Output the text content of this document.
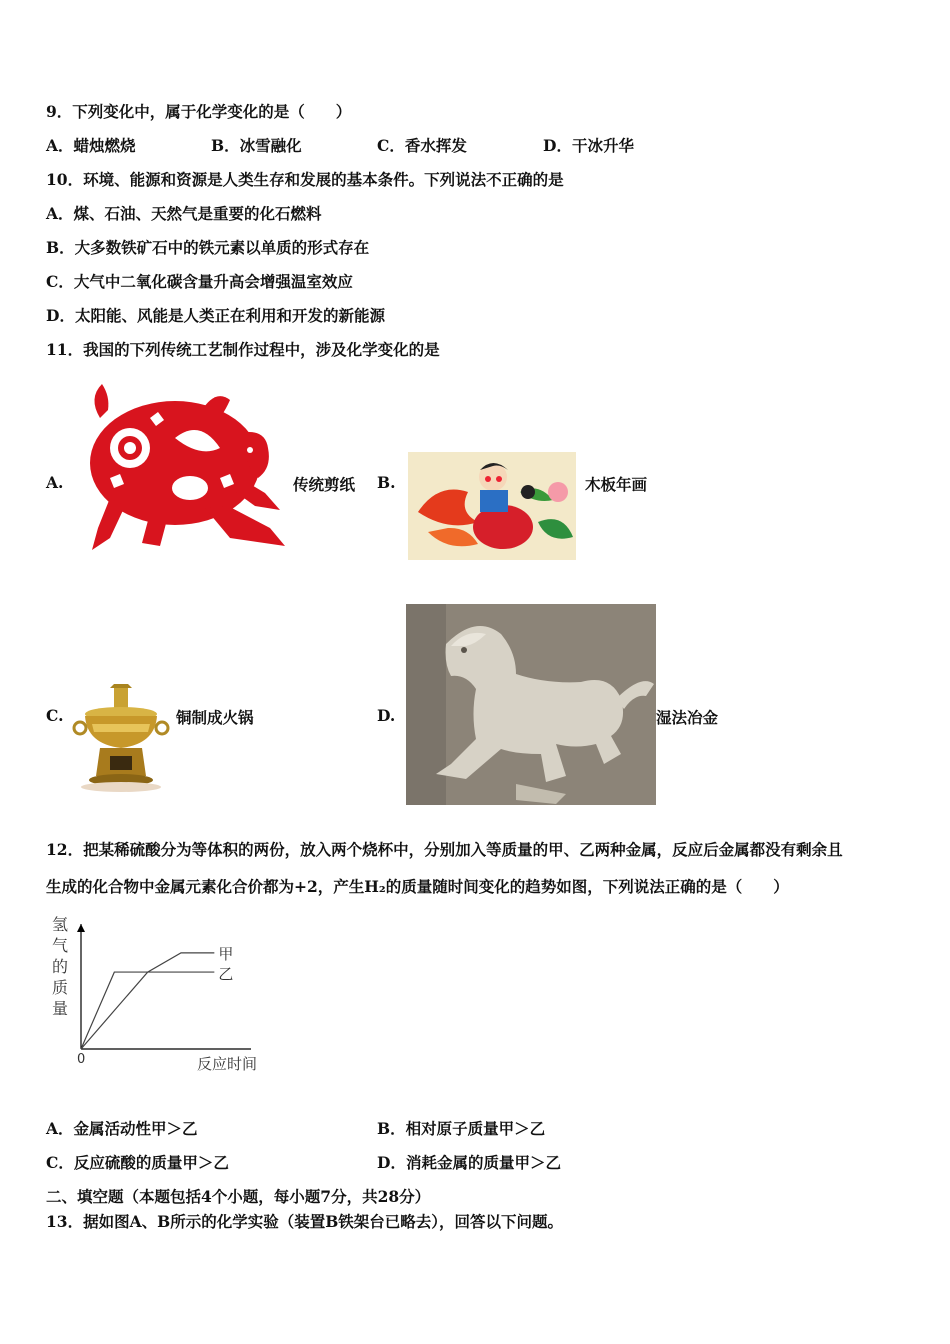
9．下列变化中，属于化学变化的是（　　）
A．蜡烛燃烧	B．冰雪融化	C．香水挥发	D．干冰升华
10．环境、能源和资源是人类生存和发展的基本条件。下列说法不正确的是
A．煤、石油、天然气是重要的化石燃料
B．大多数铁矿石中的铁元素以单质的形式存在
C．大气中二氧化碳含量升高会增强温室效应
D．太阳能、风能是人类正在利用和开发的新能源
11．我国的下列传统工艺制作过程中，涉及化学变化的是
A.	传统剪纸 B.	木板年画
C.	铜制成火锅	D.	湿法冶金
12．把某稀硫酸分为等体积的两份，放入两个烧杯中，分别加入等质量的甲、乙两种金属，反应后金属都没有剩余且
生成的化合物中金属元素化合价都为+2，产生H₂的质量随时间变化的趋势如图，下列说法正确的是（　　）
氢
气
的
质
量
甲
乙
0	反应时间
A．金属活动性甲＞乙	B．相对原子质量甲＞乙
C．反应硫酸的质量甲＞乙	D．消耗金属的质量甲＞乙
二、填空题（本题包括4个小题，每小题7分，共28分）
13．据如图A、B所示的化学实验（装置B铁架台已略去），回答以下问题。
